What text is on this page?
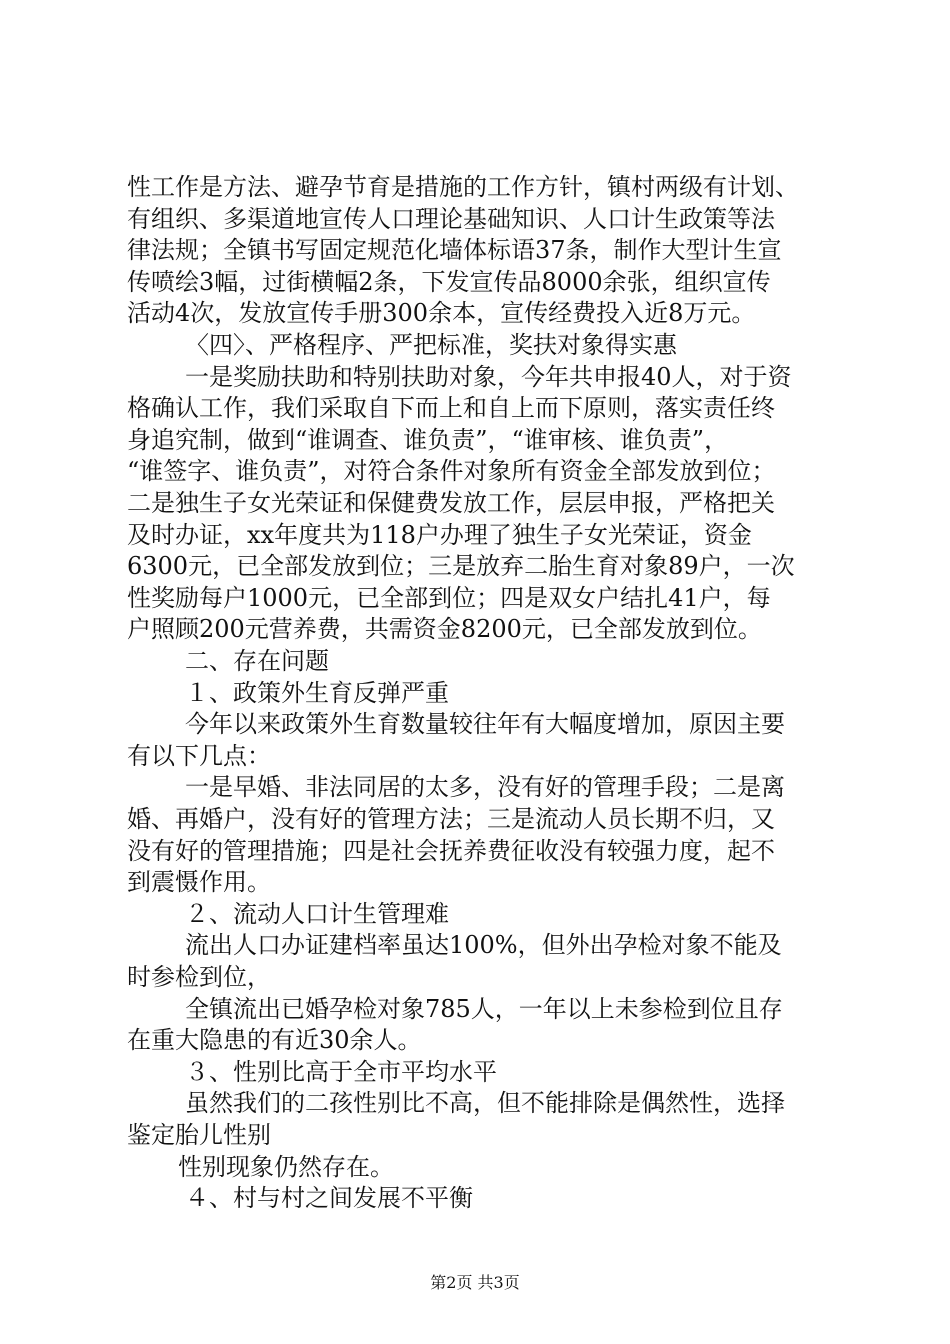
性工作是方法、避孕节育是措施的工作方针，镇村两级有计划、
有组织、多渠道地宣传人口理论基础知识、人口计生政策等法
律法规；全镇书写固定规范化墙体标语37条，制作大型计生宣
传喷绘3幅，过街横幅2条，下发宣传品8000余张，组织宣传
活动4次，发放宣传手册300余本，宣传经费投入近8万元。
〈四〉、严格程序、严把标准，奖扶对象得实惠
一是奖励扶助和特别扶助对象，今年共申报40人，对于资
格确认工作，我们采取自下而上和自上而下原则，落实责任终
身追究制，做到“谁调查、谁负责”，“谁审核、谁负责”，
“谁签字、谁负责”，对符合条件对象所有资金全部发放到位；
二是独生子女光荣证和保健费发放工作，层层申报，严格把关
及时办证，xx年度共为118户办理了独生子女光荣证，资金
6300元，已全部发放到位；三是放弃二胎生育对象89户，一次
性奖励每户1000元，已全部到位；四是双女户结扎41户，每
户照顾200元营养费，共需资金8200元，已全部发放到位。
二、存在问题
１、政策外生育反弹严重
今年以来政策外生育数量较往年有大幅度增加，原因主要
有以下几点：
一是早婚、非法同居的太多，没有好的管理手段；二是离
婚、再婚户，没有好的管理方法；三是流动人员长期不归，又
没有好的管理措施；四是社会抚养费征收没有较强力度，起不
到震慑作用。
２、流动人口计生管理难
流出人口办证建档率虽达100%，但外出孕检对象不能及
时参检到位，
全镇流出已婚孕检对象785人，一年以上未参检到位且存
在重大隐患的有近30余人。
３、性别比高于全市平均水平
虽然我们的二孩性别比不高，但不能排除是偶然性，选择
鉴定胎儿性别
性别现象仍然存在。
４、村与村之间发展不平衡
第2页 共3页
